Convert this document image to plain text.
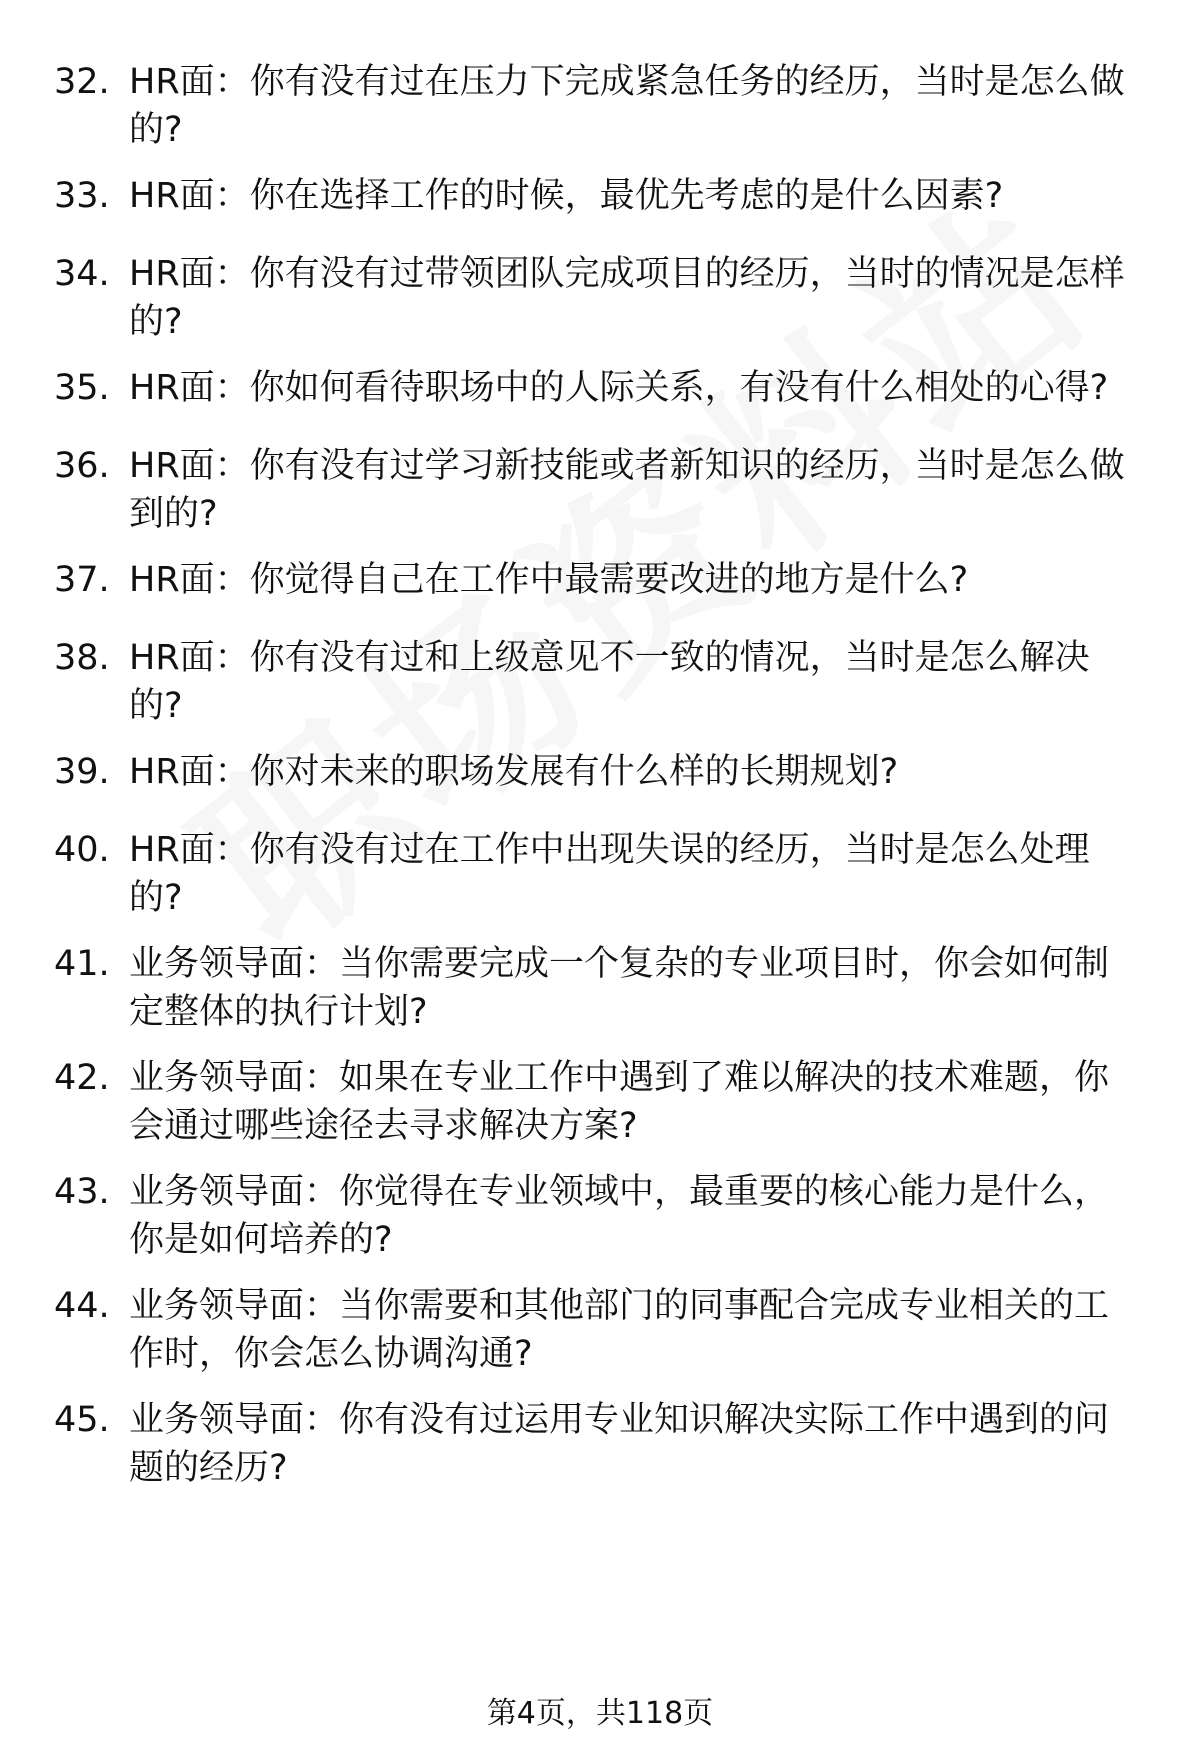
32. HR面：你有没有过在压力下完成紧急任务的经历，当时是怎么做
的?
33. HR面：你在选择工作的时候，最优先考虑的是什么因素?
34. HR面：你有没有过带领团队完成项目的经历，当时的情况是怎样
的?
35. HR面：你如何看待职场中的人际关系，有没有什么相处的心得?
36. HR面：你有没有过学习新技能或者新知识的经历，当时是怎么做
到的?
37. HR面：你觉得自己在工作中最需要改进的地方是什么?
38. HR面：你有没有过和上级意见不一致的情况，当时是怎么解决
的?
39. HR面：你对未来的职场发展有什么样的长期规划?
40. HR面：你有没有过在工作中出现失误的经历，当时是怎么处理
的?
41. 业务领导面：当你需要完成一个复杂的专业项目时，你会如何制
定整体的执行计划?
42. 业务领导面：如果在专业工作中遇到了难以解决的技术难题，你
会通过哪些途径去寻求解决方案?
43. 业务领导面：你觉得在专业领域中，最重要的核心能力是什么，
你是如何培养的?
44. 业务领导面：当你需要和其他部门的同事配合完成专业相关的工
作时，你会怎么协调沟通?
45. 业务领导面：你有没有过运用专业知识解决实际工作中遇到的问
题的经历?
第4页，共118页
